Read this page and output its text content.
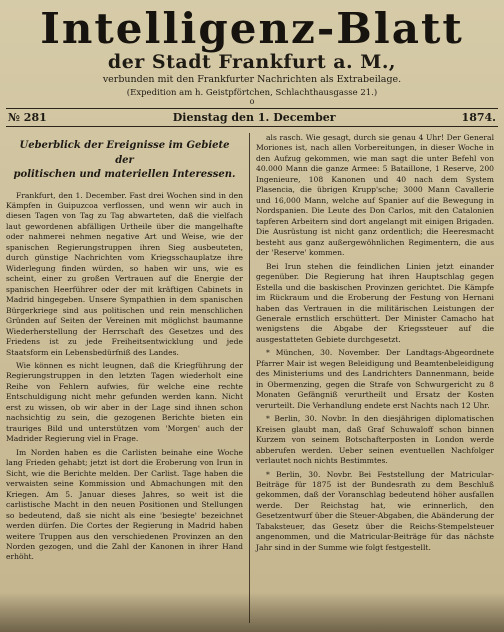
Intelligenz-Blatt
der Stadt Frankfurt a. M.,
verbunden mit den Frankfurter Nachrichten als Extrabeilage.
(Expedition am h. Geistpförtchen, Schlachthausgasse 21.)
o
№ 281	Dienstag den 1. December	1874.
Ueberblick der Ereignisse im Gebiete der
politischen und materiellen Interessen.

Frankfurt, den 1. December. Fast drei Wochen sind in den Kämpfen in Guipuzcoa verflossen, und wenn wir auch in diesen Tagen von Tag zu Tag abwarteten, daß die vielfach laut gewordenen abfälligen Urtheile über die mangelhafte oder nahmerei nehmen negative Art und Weise, wie der spanischen Regierungstruppen ihren Sieg ausbeuteten, durch günstige Nachrichten vom Kriegsschauplatze ihre Widerlegung finden würden, so haben wir uns, wie es scheint, einer zu großen Vertrauen auf die Energie der spanischen Heerführer oder der mit kräftigen Cabinets in Madrid hingegeben. Unsere Sympathien in dem spanischen Bürgerkriege sind aus politischen und rein menschlichen Gründen auf Seiten der Vereinen mit möglichst baumanne Wiederherstellung der Herrschaft des Gesetzes und des Friedens ist zu jede Freiheitsentwicklung und jede Staatsform ein Lebensbedürfniß des Landes.

Wie können es nicht leugnen, daß die Kriegführung der Regierungstruppen in den letzten Tagen wiederholt eine Reihe von Fehlern aufwies, für welche eine rechte Entschuldigung nicht mehr gefunden werden kann. Nicht erst zu wissen, ob wir aber in der Lage sind ihnen schon nachsichtig zu sein, die gezogenen Berichte bieten ein trauriges Bild und unterstützen vom 'Morgen' auch der Madrider Regierung viel in Frage.

Im Norden haben es die Carlisten beinahe eine Woche lang Frieden gehabt; jetzt ist dort die Eroberung von Irun in Sicht, wie die Berichte melden. Der Carlist. Tage haben die verwaisten seine Kommission und Abmachungen mit den Kriegen. Am 5. Januar dieses Jahres, so weit ist die carlistische Macht in den neuen Positionen und Stellungen so bedeutend, daß sie nicht als eine 'besiegte' bezeichnet werden dürfen. Die Cortes der Regierung in Madrid haben weitere Truppen aus den verschiedenen Provinzen an den Norden gezogen, und die Zahl der Kanonen in ihrer Hand erhöht.

als rasch. Wie gesagt, durch sie genau 4 Uhr! Der General Moriones ist, nach allen Vorbereitungen, in dieser Woche in den Aufzug gekommen, wie man sagt die unter Befehl von 40.000 Mann die ganze Armee: 5 Bataillone, 1 Reserve, 200 Ingenieure, 108 Kanonen und 40 nach dem System Plasencia, die übrigen Krupp'sche; 3000 Mann Cavallerie und 16,000 Mann, welche auf Spanier auf die Bewegung in Nordspanien. Die Leute des Don Carlos, mit den Catalonien tapferen Arbeitern sind dort angelangt mit einigen Brigaden. Die Ausrüstung ist nicht ganz ordentlich; die Heeresmacht besteht aus ganz außergewöhnlichen Regimentern, die aus der 'Reserve' kommen.

Bei Irun stehen die feindlichen Linien jetzt einander gegenüber. Die Regierung hat ihren Hauptschlag gegen Estella und die baskischen Provinzen gerichtet. Die Kämpfe im Rückraum und die Eroberung der Festung von Hernani haben das Vertrauen in die militärischen Leistungen der Generale ernstlich erschüttert. Der Minister Camacho hat wenigstens die Abgabe der Kriegssteuer auf die ausgestatteten Gebiete durchgesetzt.

* München, 30. November. Der Landtags-Abgeordnete Pfarrer Mair ist wegen Beleidigung und Beamtenbeleidigung des Ministeriums und des Landrichters Dannenmann, beide in Obermenzing, gegen die Strafe von Schwurgericht zu 8 Monaten Gefängniß verurtheilt und Ersatz der Kosten verurteilt. Die Verhandlung endete erst Nachts nach 12 Uhr.

* Berlin, 30. Novbr. In den diesjährigen diplomatischen Kreisen glaubt man, daß Graf Schuwaloff schon binnen Kurzem von seinem Botschafterposten in London werde abberufen werden. Ueber seinen eventuellen Nachfolger verlautet noch nichts Bestimmtes.

* Berlin, 30. Novbr. Bei Feststellung der Matricular-Beiträge für 1875 ist der Bundesrath zu dem Beschluß gekommen, daß der Voranschlag bedeutend höher ausfallen werde. Der Reichstag hat, wie erinnerlich, den Gesetzentwurf über die Steuer-Abgaben, die Abänderung der Tabaksteuer, das Gesetz über die Reichs-Stempelsteuer angenommen, und die Matricular-Beiträge für das nächste Jahr sind in der Summe wie folgt festgestellt.
